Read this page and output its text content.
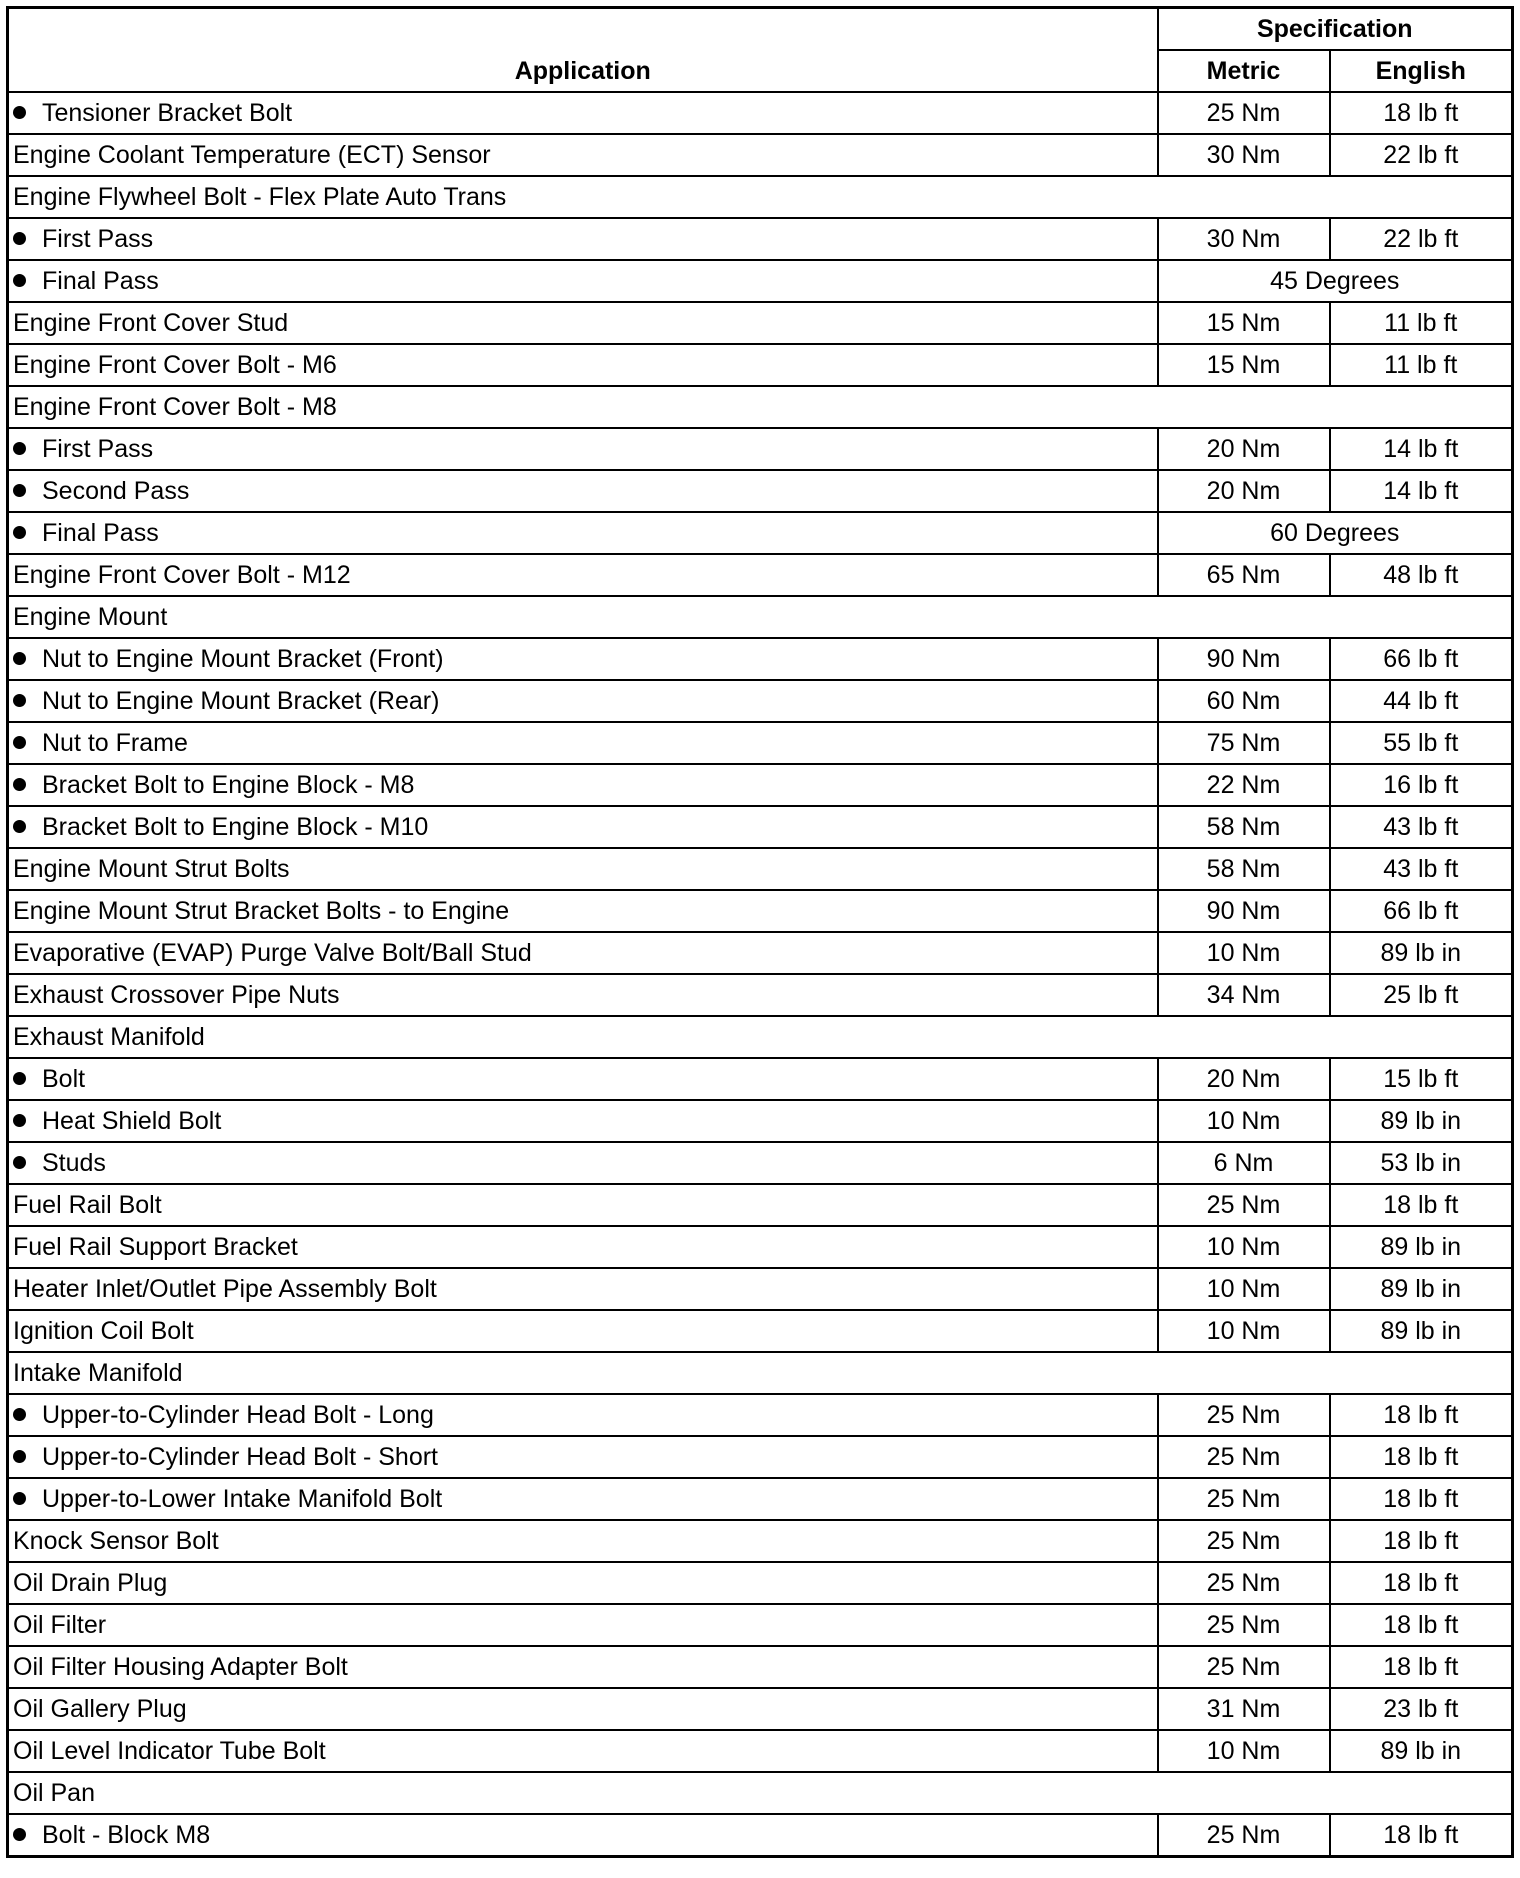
Application	Specification	
	Metric	English
Tensioner Bracket Bolt	25 Nm	18 lb ft
Engine Coolant Temperature (ECT) Sensor	30 Nm	22 lb ft
Engine Flywheel Bolt - Flex Plate Auto Trans		
First Pass	30 Nm	22 lb ft
Final Pass	45 Degrees	
Engine Front Cover Stud	15 Nm	11 lb ft
Engine Front Cover Bolt - M6	15 Nm	11 lb ft
Engine Front Cover Bolt - M8		
First Pass	20 Nm	14 lb ft
Second Pass	20 Nm	14 lb ft
Final Pass	60 Degrees	
Engine Front Cover Bolt - M12	65 Nm	48 lb ft
Engine Mount		
Nut to Engine Mount Bracket (Front)	90 Nm	66 lb ft
Nut to Engine Mount Bracket (Rear)	60 Nm	44 lb ft
Nut to Frame	75 Nm	55 lb ft
Bracket Bolt to Engine Block - M8	22 Nm	16 lb ft
Bracket Bolt to Engine Block - M10	58 Nm	43 lb ft
Engine Mount Strut Bolts	58 Nm	43 lb ft
Engine Mount Strut Bracket Bolts - to Engine	90 Nm	66 lb ft
Evaporative (EVAP) Purge Valve Bolt/Ball Stud	10 Nm	89 lb in
Exhaust Crossover Pipe Nuts	34 Nm	25 lb ft
Exhaust Manifold		
Bolt	20 Nm	15 lb ft
Heat Shield Bolt	10 Nm	89 lb in
Studs	6 Nm	53 lb in
Fuel Rail Bolt	25 Nm	18 lb ft
Fuel Rail Support Bracket	10 Nm	89 lb in
Heater Inlet/Outlet Pipe Assembly Bolt	10 Nm	89 lb in
Ignition Coil Bolt	10 Nm	89 lb in
Intake Manifold		
Upper-to-Cylinder Head Bolt - Long	25 Nm	18 lb ft
Upper-to-Cylinder Head Bolt - Short	25 Nm	18 lb ft
Upper-to-Lower Intake Manifold Bolt	25 Nm	18 lb ft
Knock Sensor Bolt	25 Nm	18 lb ft
Oil Drain Plug	25 Nm	18 lb ft
Oil Filter	25 Nm	18 lb ft
Oil Filter Housing Adapter Bolt	25 Nm	18 lb ft
Oil Gallery Plug	31 Nm	23 lb ft
Oil Level Indicator Tube Bolt	10 Nm	89 lb in
Oil Pan		
Bolt - Block M8	25 Nm	18 lb ft
